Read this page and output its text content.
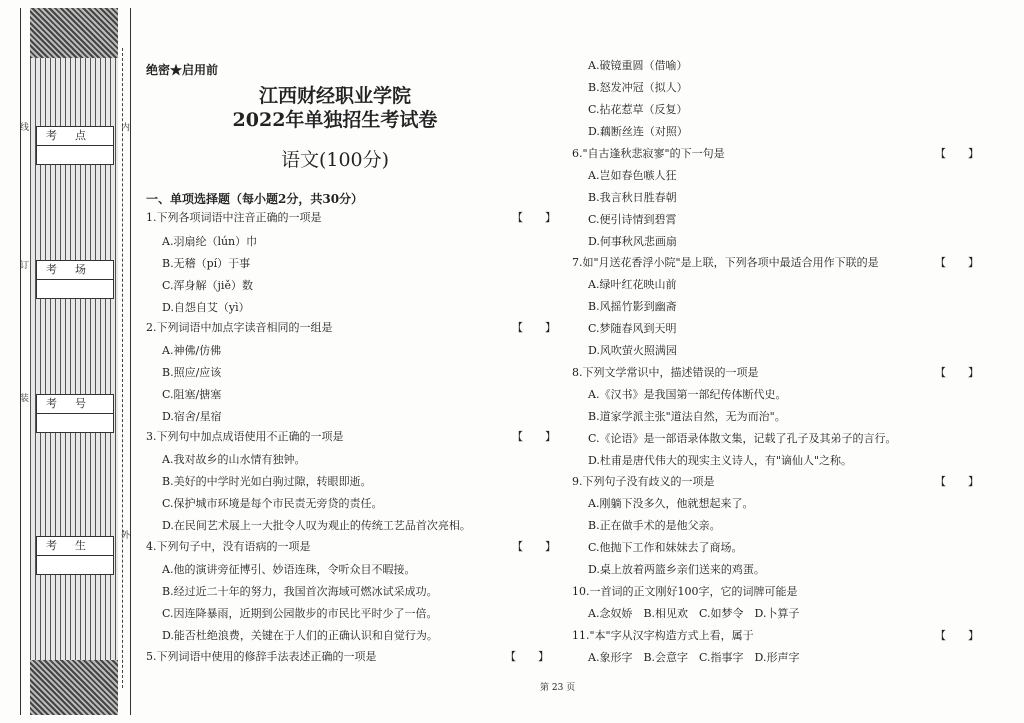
考点
考场
考号
考生
线
订
装
内
外
绝密★启用前
江西财经职业学院
2022年单独招生考试卷
语文(100分)
一、单项选择题（每小题2分，共30分）
1.下列各项词语中注音正确的一项是	【　　】
A.羽扇纶（lún）巾
B.无稽（pí）于事
C.浑身解（jiě）数
D.自怨自艾（yì）
2.下列词语中加点字读音相同的一组是	【　　】
A.神佛/仿佛
B.照应/应该
C.阻塞/搪塞
D.宿舍/星宿
3.下列句中加点成语使用不正确的一项是	【　　】
A.我对故乡的山水情有独钟。
B.美好的中学时光如白驹过隙，转眼即逝。
C.保护城市环境是每个市民责无旁贷的责任。
D.在民间艺术展上一大批令人叹为观止的传统工艺品首次亮相。
4.下列句子中，没有语病的一项是	【　　】
A.他的演讲旁征博引、妙语连珠，令听众目不暇接。
B.经过近二十年的努力，我国首次海域可燃冰试采成功。
C.因连降暴雨，近期到公园散步的市民比平时少了一倍。
D.能否杜绝浪费，关键在于人们的正确认识和自觉行为。
5.下列词语中使用的修辞手法表述正确的一项是	【　　】
A.破镜重圆（借喻）
B.怒发冲冠（拟人）
C.拈花惹草（反复）
D.藕断丝连（对照）
6."自古逢秋悲寂寥"的下一句是	【　　】
A.岂如春色嗾人狂
B.我言秋日胜春朝
C.便引诗情到碧霄
D.何事秋风悲画扇
7.如"月送花香浮小院"是上联，下列各项中最适合用作下联的是	【　　】
A.绿叶红花映山前
B.风摇竹影到幽斋
C.梦随春风到天明
D.风吹萤火照满园
8.下列文学常识中，描述错误的一项是	【　　】
A.《汉书》是我国第一部纪传体断代史。
B.道家学派主张"道法自然，无为而治"。
C.《论语》是一部语录体散文集，记载了孔子及其弟子的言行。
D.杜甫是唐代伟大的现实主义诗人，有"谪仙人"之称。
9.下列句子没有歧义的一项是	【　　】
A.刚躺下没多久，他就想起来了。
B.正在做手术的是他父亲。
C.他抛下工作和妹妹去了商场。
D.桌上放着两篮乡亲们送来的鸡蛋。
10.一首词的正文刚好100字，它的词牌可能是
A.念奴娇　B.相见欢　C.如梦令　D.卜算子
11."本"字从汉字构造方式上看，属于	【　　】
A.象形字　B.会意字　C.指事字　D.形声字
第 23 页
